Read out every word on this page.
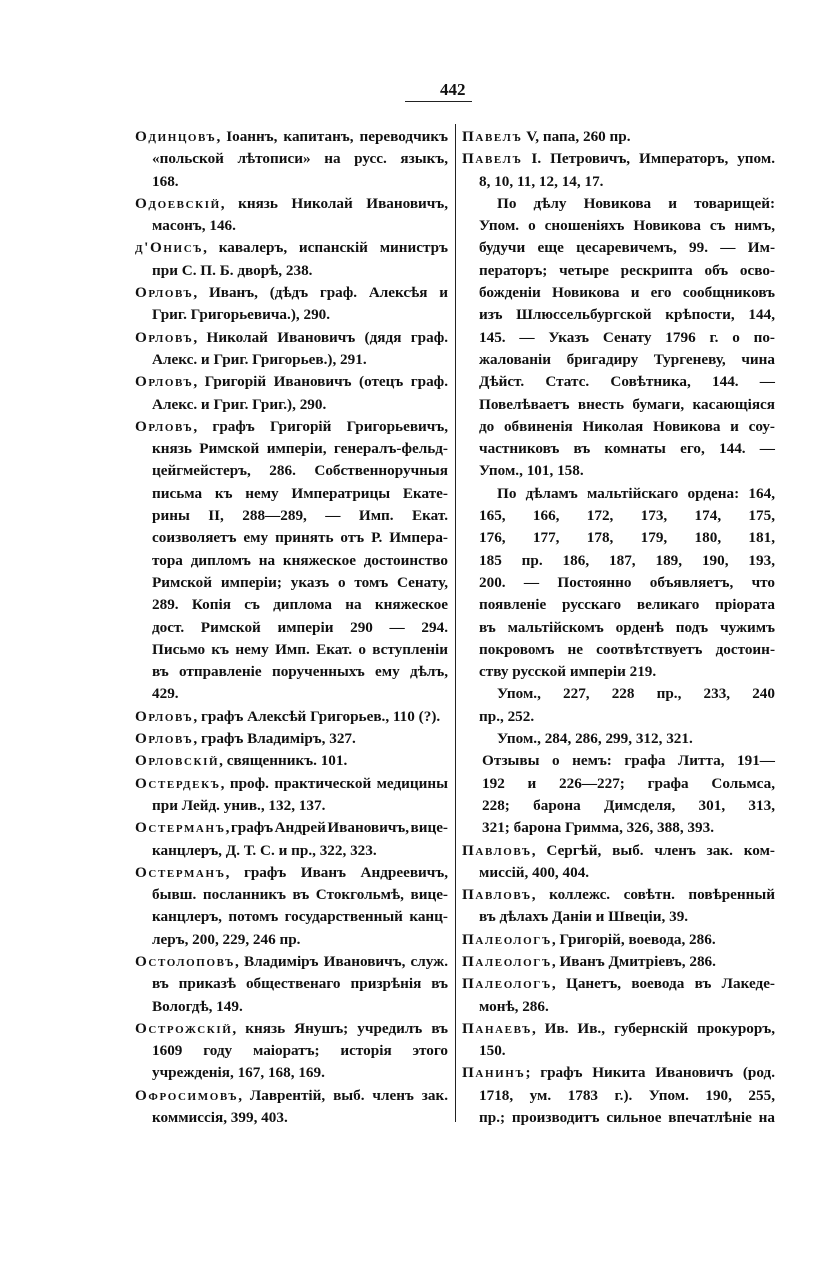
442
Одинцовъ, Іоаннъ, капитанъ, переводчикъ
«польской лѣтописи» на русс. языкъ,
168.
Одоевскій, князь Николай Ивановичъ,
масонъ, 146.
д'Онисъ, кавалеръ, испанскій министръ
при С. П. Б. дворѣ, 238.
Орловъ, Иванъ, (дѣдъ граф. Алексѣя и
Григ. Григорьевича.), 290.
Орловъ, Николай Ивановичъ (дядя граф.
Алекс. и Григ. Григорьев.), 291.
Орловъ, Григорій Ивановичъ (отецъ граф.
Алекс. и Григ. Григ.), 290.
Орловъ, графъ Григорій Григорьевичъ,
князь Римской имперіи, генералъ-фельд-
цейгмейстеръ, 286. Собственноручныя
письма къ нему Императрицы Екате-
рины II, 288—289, — Имп. Екат.
соизволяетъ ему принять отъ Р. Импера-
тора дипломъ на княжеское достоинство
Римской имперіи; указъ о томъ Сенату,
289. Копія съ диплома на княжеское
дост. Римской имперіи 290 — 294.
Письмо къ нему Имп. Екат. о вступленіи
въ отправленіе порученныхъ ему дѣлъ,
429.
Орловъ, графъ Алексѣй Григорьев., 110 (?).
Орловъ, графъ Владиміръ, 327.
Орловскій, священникъ. 101.
Остердекъ, проф. практической медицины
при Лейд. унив., 132, 137.
Остерманъ, графъ Андрей Ивановичъ, вице-
канцлеръ, Д. Т. С. и пр., 322, 323.
Остерманъ, графъ Иванъ Андреевичъ,
бывш. посланникъ въ Стокгольмѣ, вице-
канцлеръ, потомъ государственный канц-
леръ, 200, 229, 246 пр.
Остолоповъ, Владиміръ Ивановичъ, служ.
въ приказѣ общественаго призрѣнія въ
Вологдѣ, 149.
Острожскій, князь Янушъ; учредилъ въ
1609 году маіоратъ; исторія этого
учрежденія, 167, 168, 169.
Офросимовъ, Лаврентій, выб. членъ зак.
коммиссія, 399, 403.
Павелъ V, папа, 260 пр.
Павелъ I. Петровичъ, Императоръ, упом.
8, 10, 11, 12, 14, 17.
По дѣлу Новикова и товарищей:
Упом. о сношеніяхъ Новикова съ нимъ,
будучи еще цесаревичемъ, 99. — Им-
ператоръ; четыре рескрипта объ осво-
божденіи Новикова и его сообщниковъ
изъ Шлюссельбургской крѣпости, 144,
145. — Указъ Сенату 1796 г. о по-
жалованіи бригадиру Тургеневу, чина
Дѣйст. Статс. Совѣтника, 144. —
Повелѣваетъ внесть бумаги, касающіяся
до обвиненія Николая Новикова и соу-
частниковъ въ комнаты его, 144. —
Упом., 101, 158.
По дѣламъ мальтійскаго ордена: 164,
165, 166, 172, 173, 174, 175,
176, 177, 178, 179, 180, 181,
185 пр. 186, 187, 189, 190, 193,
200. — Постоянно объявляетъ, что
появленіе русскаго великаго пріората
въ мальтійскомъ орденѣ подъ чужимъ
покровомъ не соотвѣтствуетъ достоин-
ству русской имперіи 219.
Упом., 227, 228 пр., 233, 240
пр., 252.
Упом., 284, 286, 299, 312, 321.
Отзывы о немъ: графа Литта, 191—
192 и 226—227; графа Сольмса,
228; барона Димсделя, 301, 313,
321; барона Гримма, 326, 388, 393.
Павловъ, Сергѣй, выб. членъ зак. ком-
миссій, 400, 404.
Павловъ, коллежс. совѣтн. повѣренный
въ дѣлахъ Даніи и Швеціи, 39.
Палеологъ, Григорій, воевода, 286.
Палеологъ, Иванъ Дмитріевъ, 286.
Палеологъ, Цанетъ, воевода въ Лакеде-
монѣ, 286.
Панаевъ, Ив. Ив., губернскій прокуроръ,
150.
Панинъ; графъ Никита Ивановичъ (род.
1718, ум. 1783 г.). Упом. 190, 255,
пр.; производитъ сильное впечатлѣніе на
